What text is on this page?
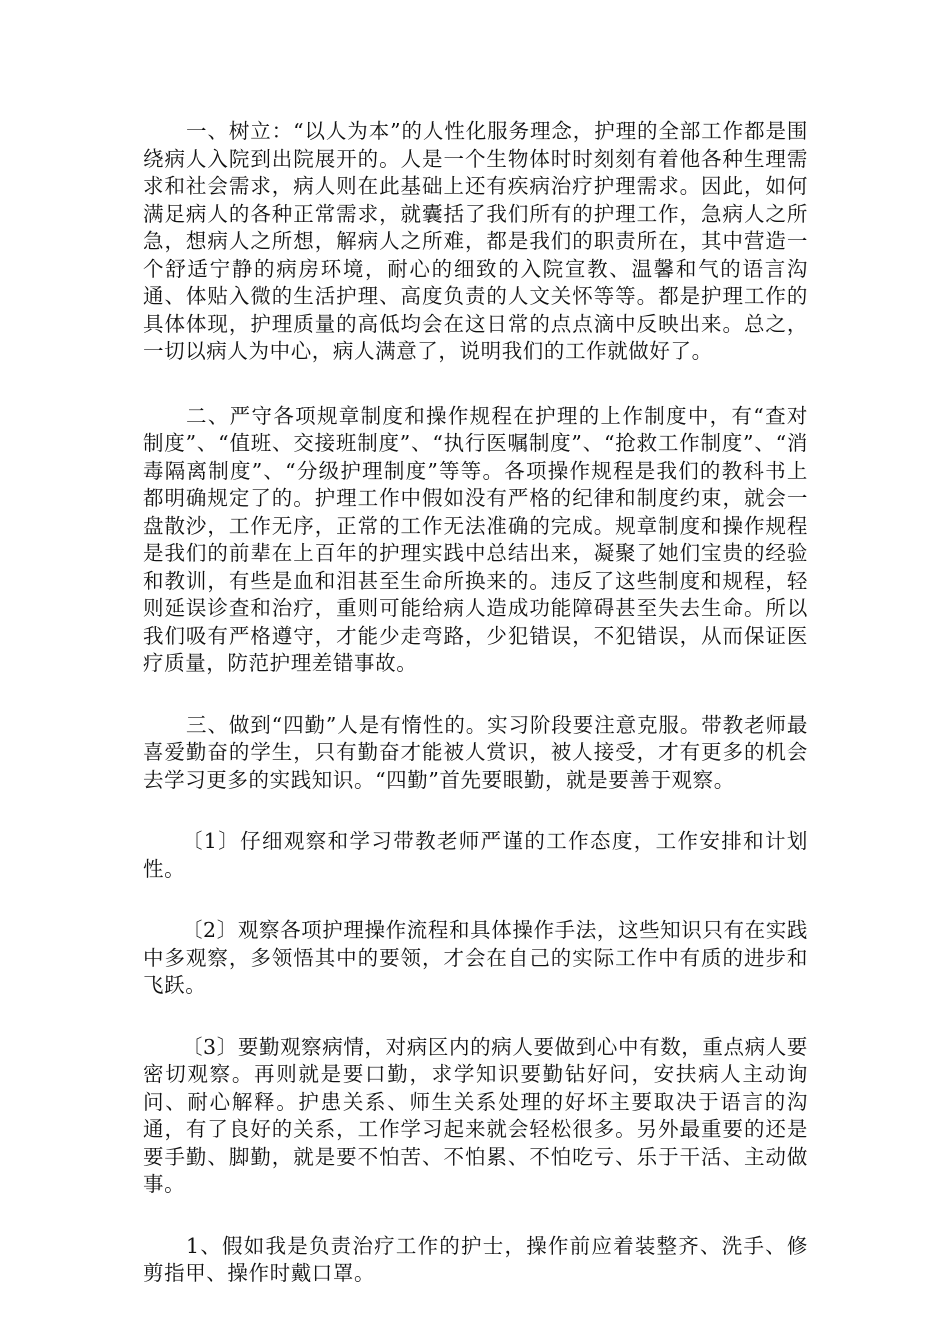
一、树立：“以人为本”的人性化服务理念，护理的全部工作都是围绕病人入院到出院展开的。人是一个生物体时时刻刻有着他各种生理需求和社会需求，病人则在此基础上还有疾病治疗护理需求。因此，如何满足病人的各种正常需求，就囊括了我们所有的护理工作，急病人之所急，想病人之所想，解病人之所难，都是我们的职责所在，其中营造一个舒适宁静的病房环境，耐心的细致的入院宣教、温馨和气的语言沟通、体贴入微的生活护理、高度负责的人文关怀等等。都是护理工作的具体体现，护理质量的高低均会在这日常的点点滴中反映出来。总之，一切以病人为中心，病人满意了，说明我们的工作就做好了。

二、严守各项规章制度和操作规程在护理的上作制度中，有“查对制度”、“值班、交接班制度”、“执行医嘱制度”、“抢救工作制度”、“消毒隔离制度”、“分级护理制度”等等。各项操作规程是我们的教科书上都明确规定了的。护理工作中假如没有严格的纪律和制度约束，就会一盘散沙，工作无序，正常的工作无法准确的完成。规章制度和操作规程是我们的前辈在上百年的护理实践中总结出来，凝聚了她们宝贵的经验和教训，有些是血和泪甚至生命所换来的。违反了这些制度和规程，轻则延误诊查和治疗，重则可能给病人造成功能障碍甚至失去生命。所以我们吸有严格遵守，才能少走弯路，少犯错误，不犯错误，从而保证医疗质量，防范护理差错事故。

三、做到“四勤”人是有惰性的。实习阶段要注意克服。带教老师最喜爱勤奋的学生，只有勤奋才能被人赏识，被人接受，才有更多的机会去学习更多的实践知识。“四勤”首先要眼勤，就是要善于观察。

〔1〕仔细观察和学习带教老师严谨的工作态度，工作安排和计划性。

〔2〕观察各项护理操作流程和具体操作手法，这些知识只有在实践中多观察，多领悟其中的要领，才会在自己的实际工作中有质的进步和飞跃。

〔3〕要勤观察病情，对病区内的病人要做到心中有数，重点病人要密切观察。再则就是要口勤，求学知识要勤钻好问，安扶病人主动询问、耐心解释。护患关系、师生关系处理的好坏主要取决于语言的沟通，有了良好的关系，工作学习起来就会轻松很多。另外最重要的还是要手勤、脚勤，就是要不怕苦、不怕累、不怕吃亏、乐于干活、主动做事。

1、假如我是负责治疗工作的护士，操作前应着装整齐、洗手、修剪指甲、操作时戴口罩。
